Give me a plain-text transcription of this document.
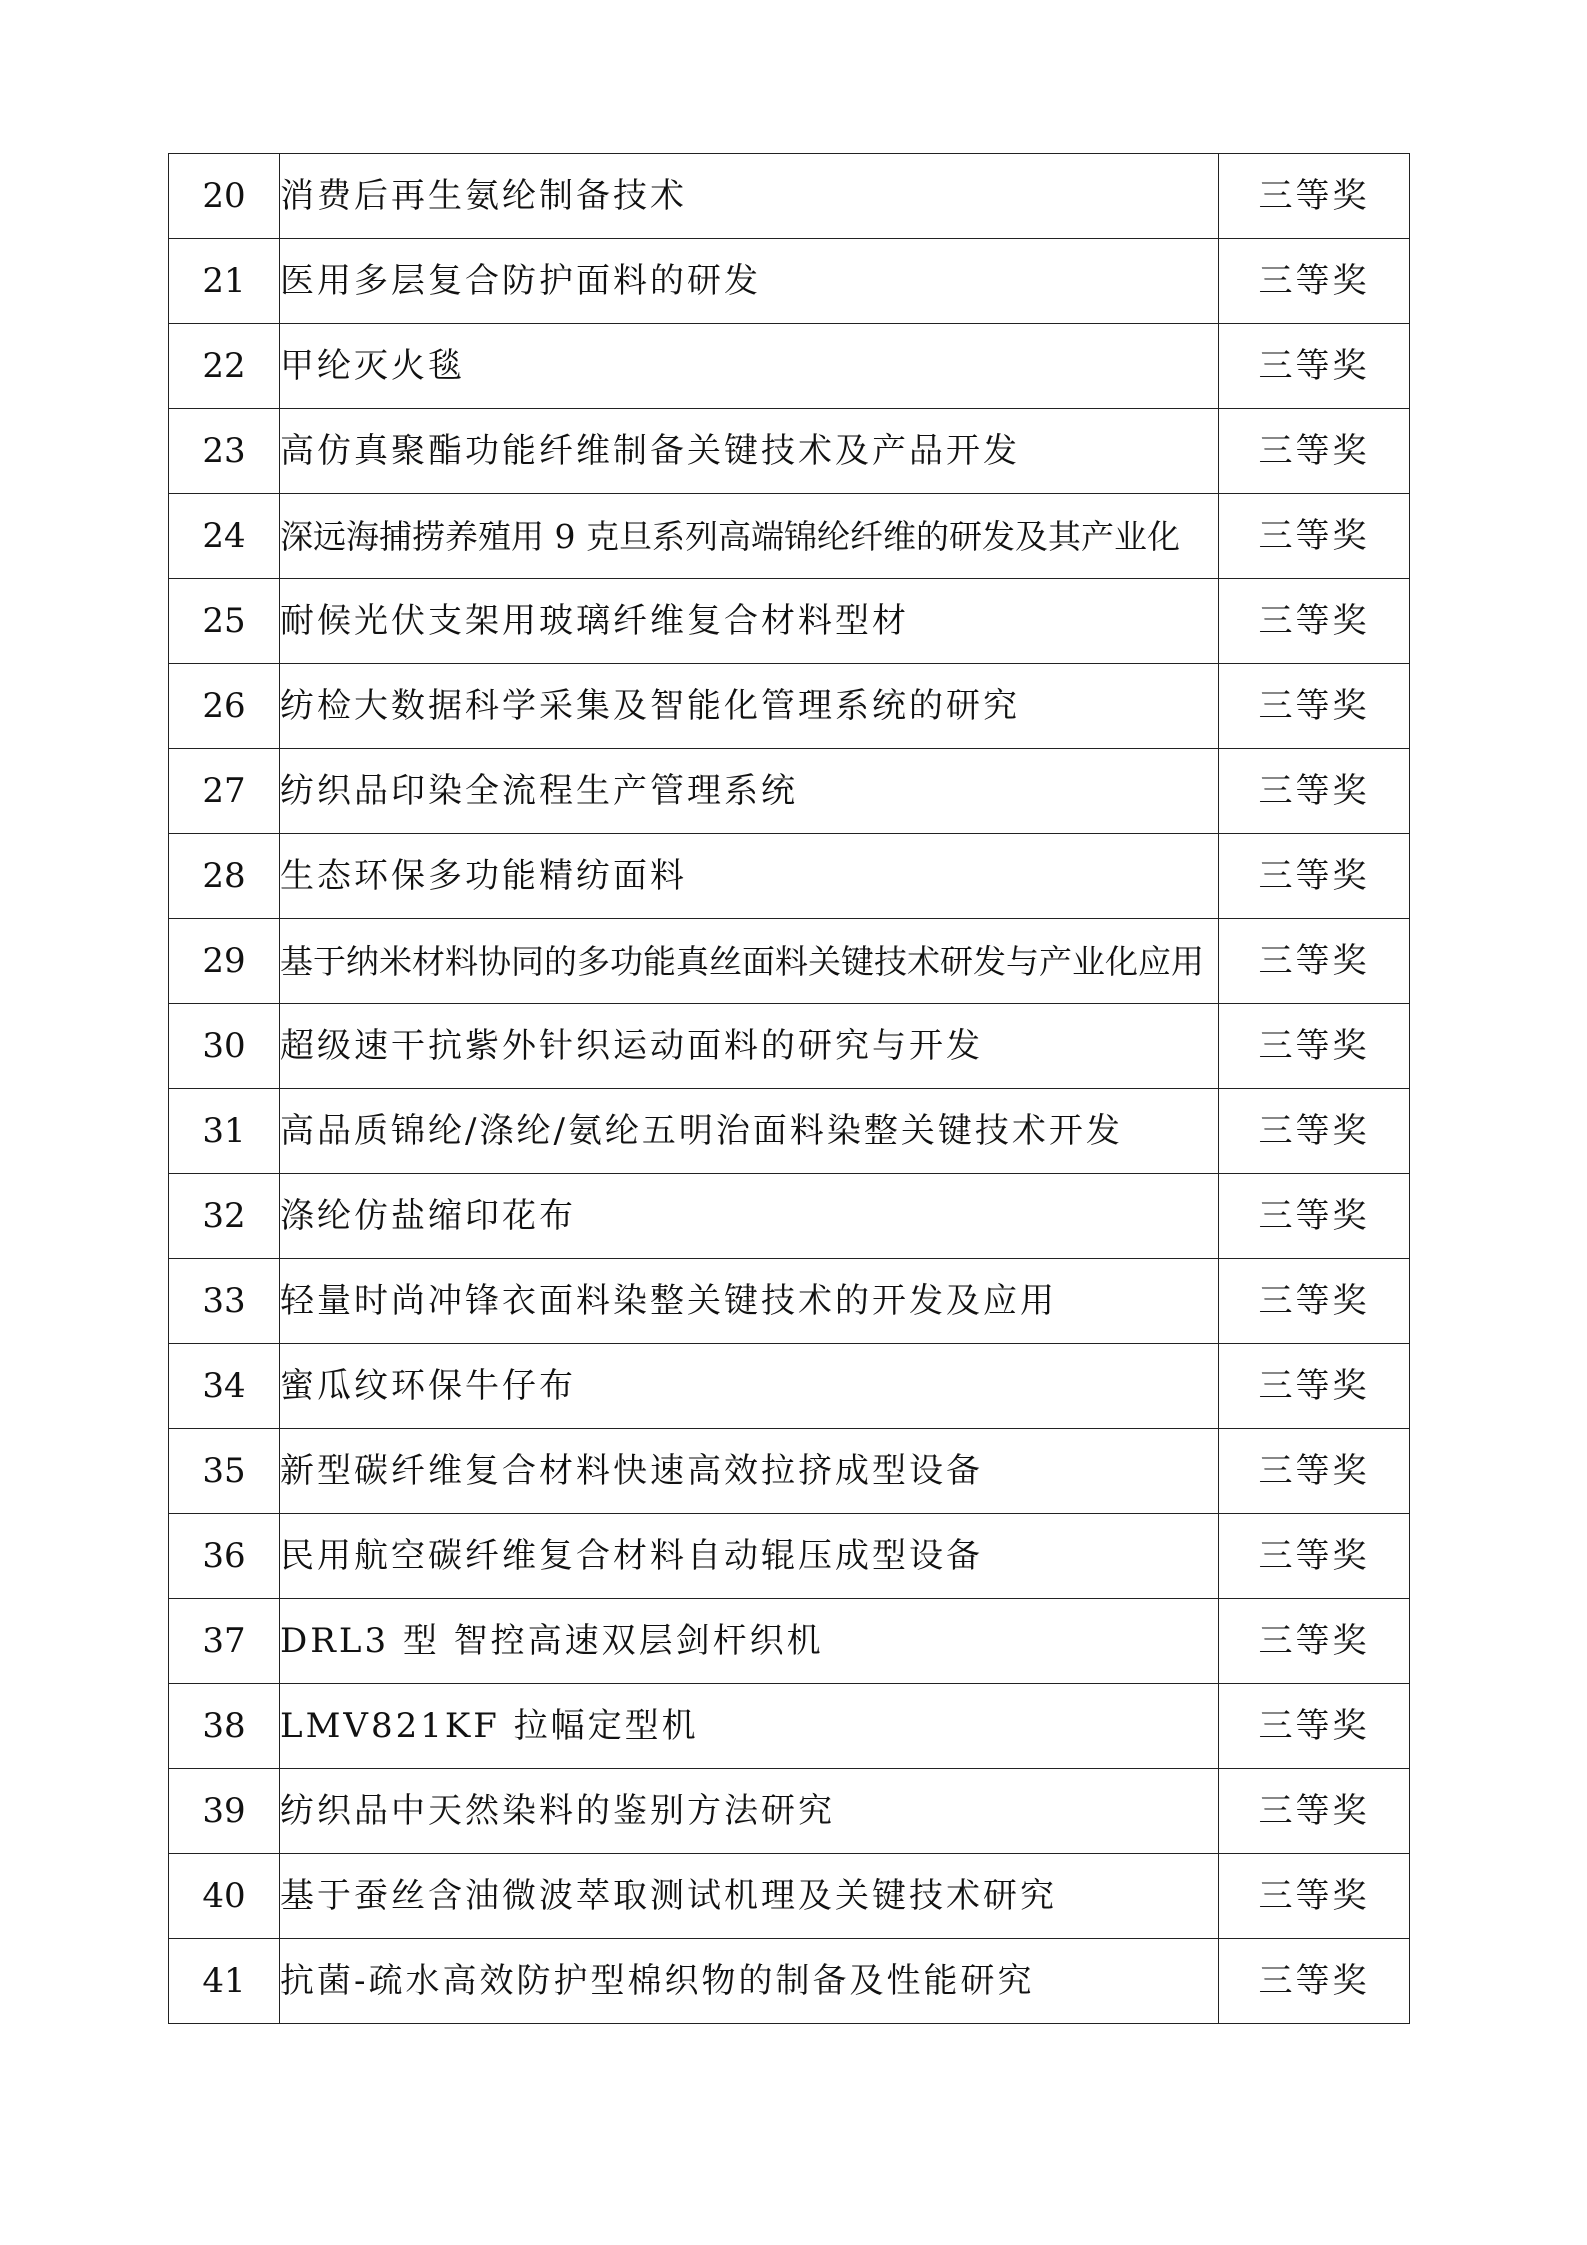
20	消费后再生氨纶制备技术	三等奖
21	医用多层复合防护面料的研发	三等奖
22	甲纶灭火毯	三等奖
23	高仿真聚酯功能纤维制备关键技术及产品开发	三等奖
24	深远海捕捞养殖用 9 克旦系列高端锦纶纤维的研发及其产业化	三等奖
25	耐候光伏支架用玻璃纤维复合材料型材	三等奖
26	纺检大数据科学采集及智能化管理系统的研究	三等奖
27	纺织品印染全流程生产管理系统	三等奖
28	生态环保多功能精纺面料	三等奖
29	基于纳米材料协同的多功能真丝面料关键技术研发与产业化应用	三等奖
30	超级速干抗紫外针织运动面料的研究与开发	三等奖
31	高品质锦纶/涤纶/氨纶五明治面料染整关键技术开发	三等奖
32	涤纶仿盐缩印花布	三等奖
33	轻量时尚冲锋衣面料染整关键技术的开发及应用	三等奖
34	蜜瓜纹环保牛仔布	三等奖
35	新型碳纤维复合材料快速高效拉挤成型设备	三等奖
36	民用航空碳纤维复合材料自动辊压成型设备	三等奖
37	DRL3 型 智控高速双层剑杆织机	三等奖
38	LMV821KF 拉幅定型机	三等奖
39	纺织品中天然染料的鉴别方法研究	三等奖
40	基于蚕丝含油微波萃取测试机理及关键技术研究	三等奖
41	抗菌-疏水高效防护型棉织物的制备及性能研究	三等奖
